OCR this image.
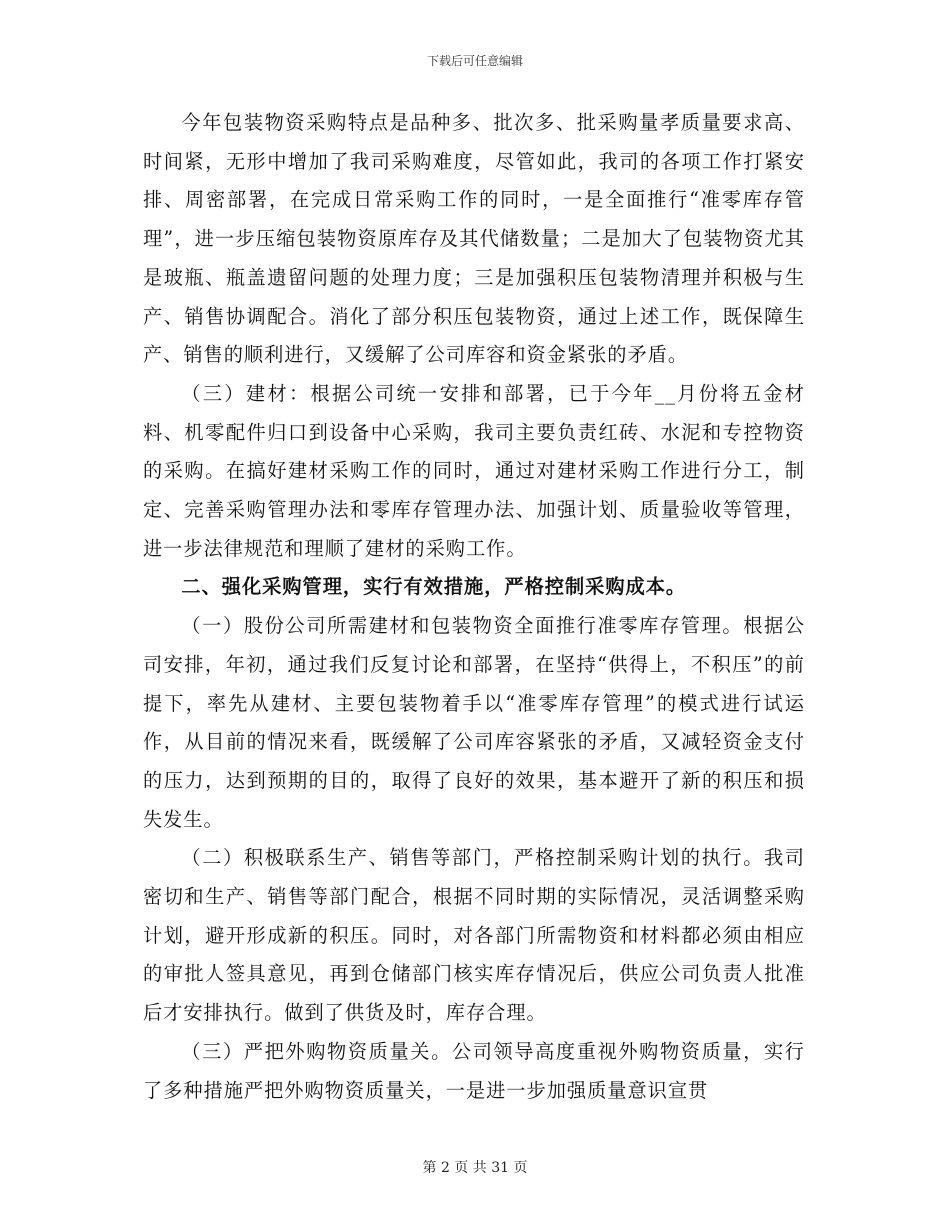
下载后可任意编辑

今年包装物资采购特点是品种多、批次多、批采购量孝质量要求高、时间紧，无形中增加了我司采购难度，尽管如此，我司的各项工作打紧安排、周密部署，在完成日常采购工作的同时，一是全面推行“准零库存管理”，进一步压缩包装物资原库存及其代储数量；二是加大了包装物资尤其是玻瓶、瓶盖遗留问题的处理力度；三是加强积压包装物清理并积极与生产、销售协调配合。消化了部分积压包装物资，通过上述工作，既保障生产、销售的顺利进行，又缓解了公司库容和资金紧张的矛盾。

（三）建材：根据公司统一安排和部署，已于今年__月份将五金材料、机零配件归口到设备中心采购，我司主要负责红砖、水泥和专控物资的采购。在搞好建材采购工作的同时，通过对建材采购工作进行分工，制定、完善采购管理办法和零库存管理办法、加强计划、质量验收等管理，进一步法律规范和理顺了建材的采购工作。

二、强化采购管理，实行有效措施，严格控制采购成本。

（一）股份公司所需建材和包装物资全面推行准零库存管理。根据公司安排，年初，通过我们反复讨论和部署，在坚持“供得上，不积压”的前提下，率先从建材、主要包装物着手以“准零库存管理”的模式进行试运作，从目前的情况来看，既缓解了公司库容紧张的矛盾，又减轻资金支付的压力，达到预期的目的，取得了良好的效果，基本避开了新的积压和损失发生。

（二）积极联系生产、销售等部门，严格控制采购计划的执行。我司密切和生产、销售等部门配合，根据不同时期的实际情况，灵活调整采购计划，避开形成新的积压。同时，对各部门所需物资和材料都必须由相应的审批人签具意见，再到仓储部门核实库存情况后，供应公司负责人批准后才安排执行。做到了供货及时，库存合理。

（三）严把外购物资质量关。公司领导高度重视外购物资质量，实行了多种措施严把外购物资质量关，一是进一步加强质量意识宣贯

第 2 页 共 31 页
